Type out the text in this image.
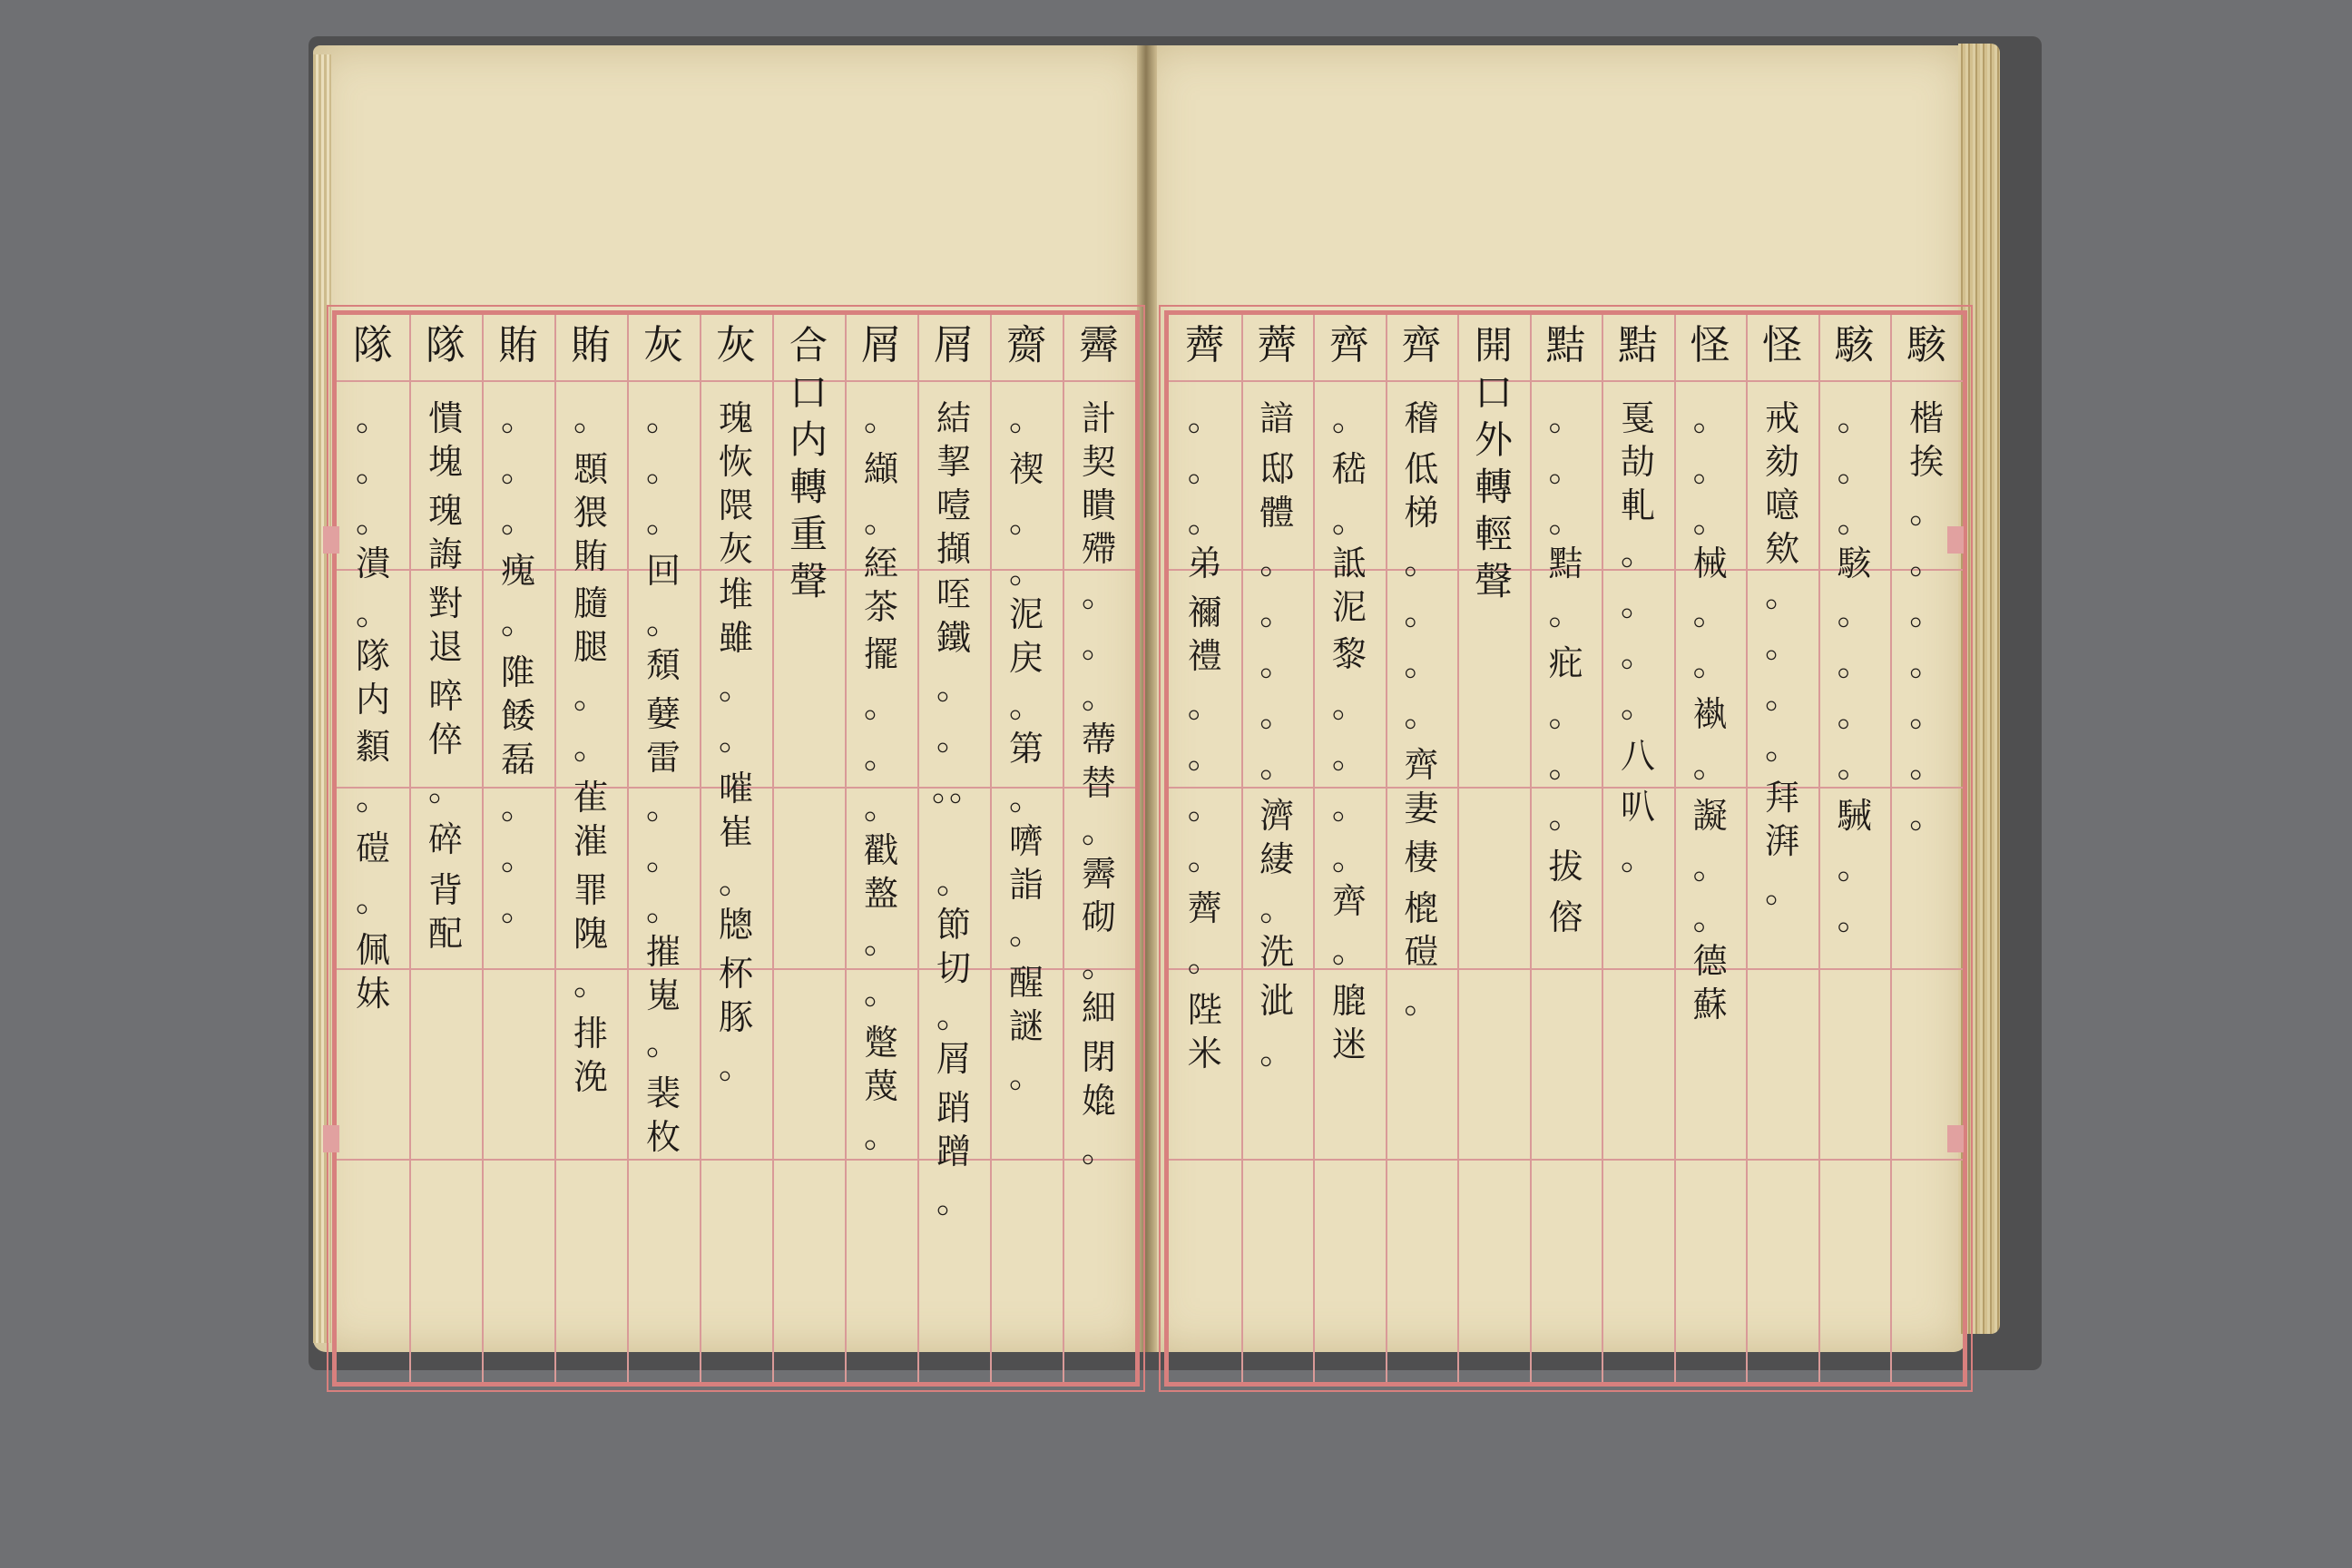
霽
計契瞶殢
。
。
。蔕替
。霽砌
。細
閉嫓
。
齌
。
禊
。
。泥戻
。第
。嚌詣
。
醒謎
。
屑
結挈噎擷
咥鐵
。
。
。。
。節切
。屑
踃蹭
。
屑
。
纈
。絰茶
擺
。
。
。戳盩
。
。
蹩蔑
。
合口内轉重聲
灰
瑰恢隈灰
堆雖
。
。
嗺崔
。牕
杯豚
。
灰
。
。
。
回
。頹
㜸雷
。
。
。摧嵬
。
裴枚
賄
。
顋猥賄
膸腿
。
。
雈漼
罪隗
。
排浼
賄
。
。
。
瘣
。
陮餧磊
。
。
。
隊
憒塊
瑰誨
對退
晬倅
。
碎
背配
隊
。
。
。潰
。隊内
纇
。
磑
。
佩妹
駭
楷挨
。
。
。
。
。
。
。
駭
。
。
。駭
。
。
。
。
駴
。
。
怪
戒劾噫欸
。
。
。
。
拜湃
。
怪
。
。
。械
。
。
褹
。
譺
。
。德蘇
黠
戛劼軋
。
。
。
。
八
叭
。
黠
。
。
。黠
。
疪
。
。
。
拔
傛
開口外轉輕聲
齊
稽
低梯
。
。
。
。
齊妻
棲
㮰磑
。
齊
。
嵇
。詆泥
黎
。
。
。
。齊
。
膍迷
薺
諳
邸體
。
。
。
。
。
濟緀
。洗
泚
。
薺
。
。
。弟
禰禮
。
。
。
。
薺
。
陛米
